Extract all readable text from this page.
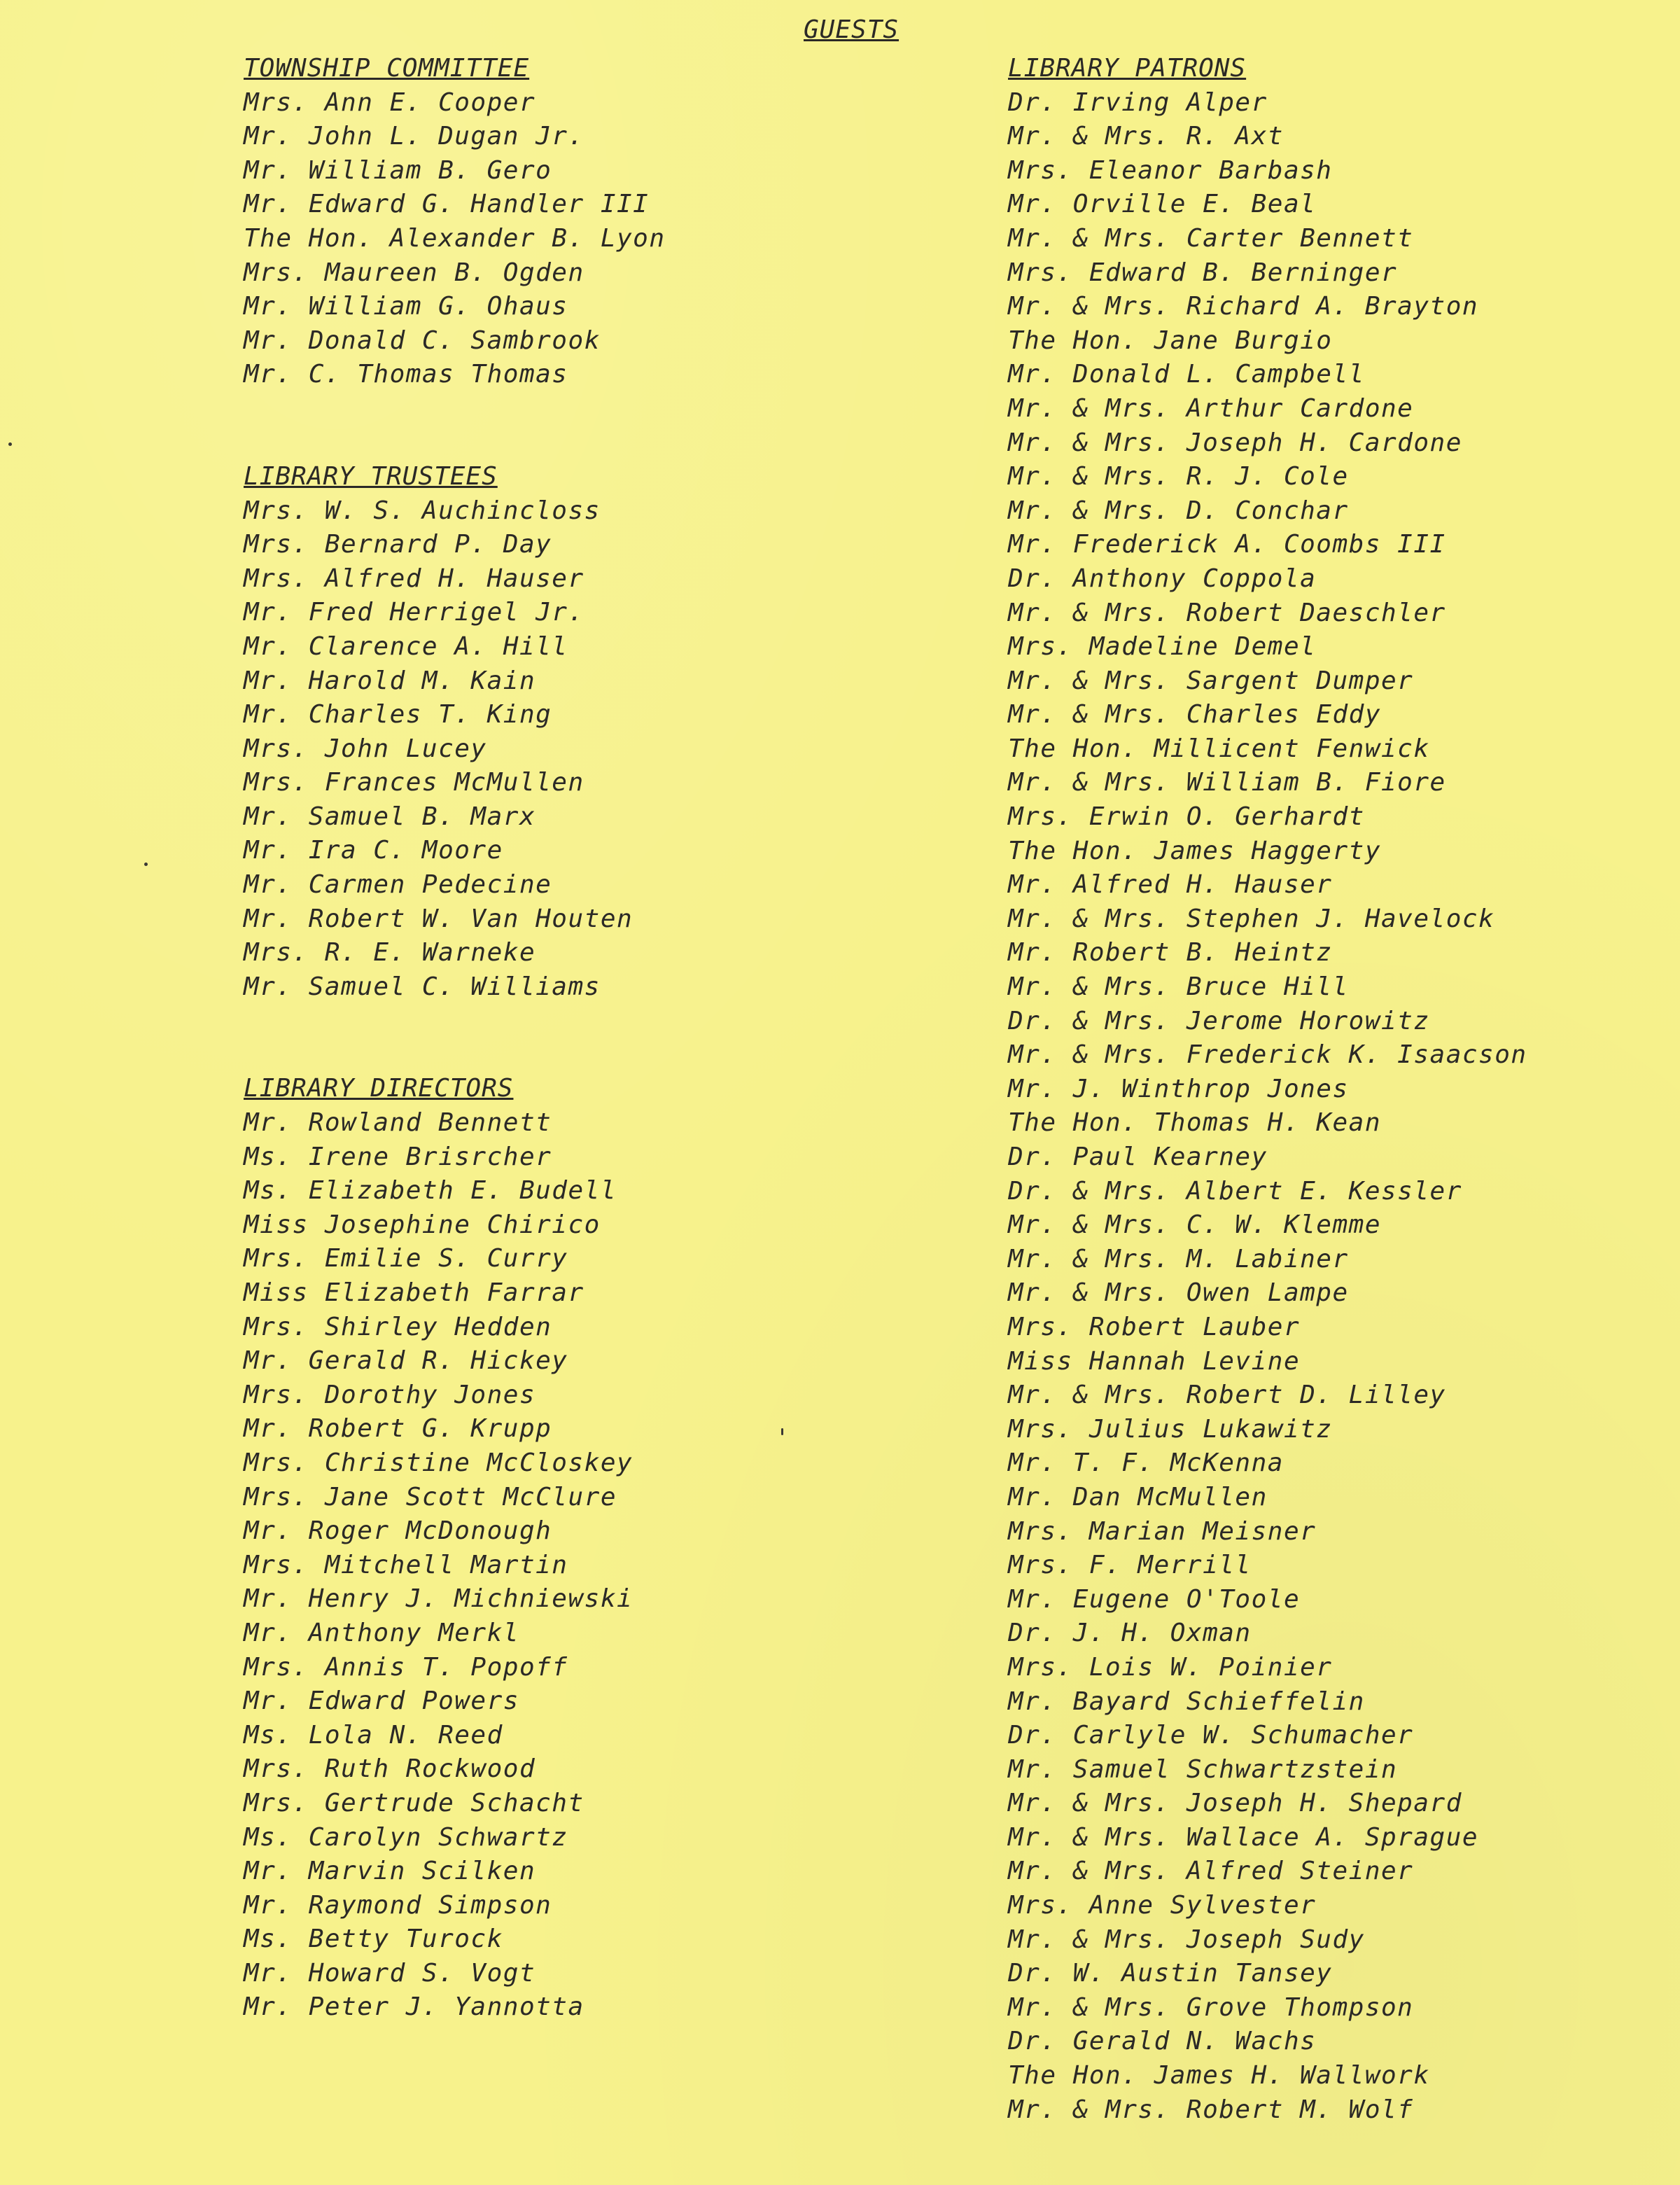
GUESTS
TOWNSHIP COMMITTEE
Mrs. Ann E. Cooper
Mr. John L. Dugan Jr.
Mr. William B. Gero
Mr. Edward G. Handler III
The Hon. Alexander B. Lyon
Mrs. Maureen B. Ogden
Mr. William G. Ohaus
Mr. Donald C. Sambrook
Mr. C. Thomas Thomas
LIBRARY TRUSTEES
Mrs. W. S. Auchincloss
Mrs. Bernard P. Day
Mrs. Alfred H. Hauser
Mr. Fred Herrigel Jr.
Mr. Clarence A. Hill
Mr. Harold M. Kain
Mr. Charles T. King
Mrs. John Lucey
Mrs. Frances McMullen
Mr. Samuel B. Marx
Mr. Ira C. Moore
Mr. Carmen Pedecine
Mr. Robert W. Van Houten
Mrs. R. E. Warneke
Mr. Samuel C. Williams
LIBRARY DIRECTORS
Mr. Rowland Bennett
Ms. Irene Brisrcher
Ms. Elizabeth E. Budell
Miss Josephine Chirico
Mrs. Emilie S. Curry
Miss Elizabeth Farrar
Mrs. Shirley Hedden
Mr. Gerald R. Hickey
Mrs. Dorothy Jones
Mr. Robert G. Krupp
Mrs. Christine McCloskey
Mrs. Jane Scott McClure
Mr. Roger McDonough
Mrs. Mitchell Martin
Mr. Henry J. Michniewski
Mr. Anthony Merkl
Mrs. Annis T. Popoff
Mr. Edward Powers
Ms. Lola N. Reed
Mrs. Ruth Rockwood
Mrs. Gertrude Schacht
Ms. Carolyn Schwartz
Mr. Marvin Scilken
Mr. Raymond Simpson
Ms. Betty Turock
Mr. Howard S. Vogt
Mr. Peter J. Yannotta
LIBRARY PATRONS
Dr. Irving Alper
Mr. & Mrs. R. Axt
Mrs. Eleanor Barbash
Mr. Orville E. Beal
Mr. & Mrs. Carter Bennett
Mrs. Edward B. Berninger
Mr. & Mrs. Richard A. Brayton
The Hon. Jane Burgio
Mr. Donald L. Campbell
Mr. & Mrs. Arthur Cardone
Mr. & Mrs. Joseph H. Cardone
Mr. & Mrs. R. J. Cole
Mr. & Mrs. D. Conchar
Mr. Frederick A. Coombs III
Dr. Anthony Coppola
Mr. & Mrs. Robert Daeschler
Mrs. Madeline Demel
Mr. & Mrs. Sargent Dumper
Mr. & Mrs. Charles Eddy
The Hon. Millicent Fenwick
Mr. & Mrs. William B. Fiore
Mrs. Erwin O. Gerhardt
The Hon. James Haggerty
Mr. Alfred H. Hauser
Mr. & Mrs. Stephen J. Havelock
Mr. Robert B. Heintz
Mr. & Mrs. Bruce Hill
Dr. & Mrs. Jerome Horowitz
Mr. & Mrs. Frederick K. Isaacson
Mr. J. Winthrop Jones
The Hon. Thomas H. Kean
Dr. Paul Kearney
Dr. & Mrs. Albert E. Kessler
Mr. & Mrs. C. W. Klemme
Mr. & Mrs. M. Labiner
Mr. & Mrs. Owen Lampe
Mrs. Robert Lauber
Miss Hannah Levine
Mr. & Mrs. Robert D. Lilley
Mrs. Julius Lukawitz
Mr. T. F. McKenna
Mr. Dan McMullen
Mrs. Marian Meisner
Mrs. F. Merrill
Mr. Eugene O'Toole
Dr. J. H. Oxman
Mrs. Lois W. Poinier
Mr. Bayard Schieffelin
Dr. Carlyle W. Schumacher
Mr. Samuel Schwartzstein
Mr. & Mrs. Joseph H. Shepard
Mr. & Mrs. Wallace A. Sprague
Mr. & Mrs. Alfred Steiner
Mrs. Anne Sylvester
Mr. & Mrs. Joseph Sudy
Dr. W. Austin Tansey
Mr. & Mrs. Grove Thompson
Dr. Gerald N. Wachs
The Hon. James H. Wallwork
Mr. & Mrs. Robert M. Wolf
